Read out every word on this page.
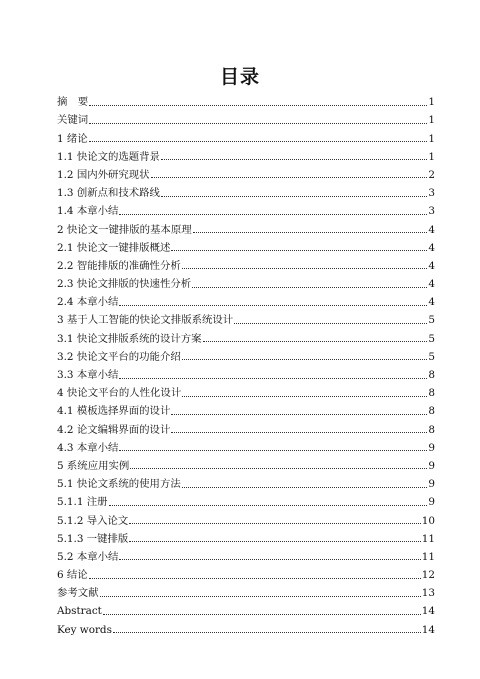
目录
摘　要	1
关键词	1
1 绪论	1
1.1 快论文的选题背景	1
1.2 国内外研究现状	2
1.3 创新点和技术路线	3
1.4 本章小结	3
2 快论文一键排版的基本原理	4
2.1 快论文一键排版概述	4
2.2 智能排版的准确性分析	4
2.3 快论文排版的快速性分析	4
2.4 本章小结	4
3 基于人工智能的快论文排版系统设计	5
3.1 快论文排版系统的设计方案	5
3.2 快论文平台的功能介绍	5
3.3 本章小结	8
4 快论文平台的人性化设计	8
4.1 模板选择界面的设计	8
4.2 论文编辑界面的设计	8
4.3 本章小结	9
5 系统应用实例	9
5.1 快论文系统的使用方法	9
5.1.1 注册	9
5.1.2 导入论文	10
5.1.3 一键排版	11
5.2 本章小结	11
6 结论	12
参考文献	13
Abstract	14
Key words	14
